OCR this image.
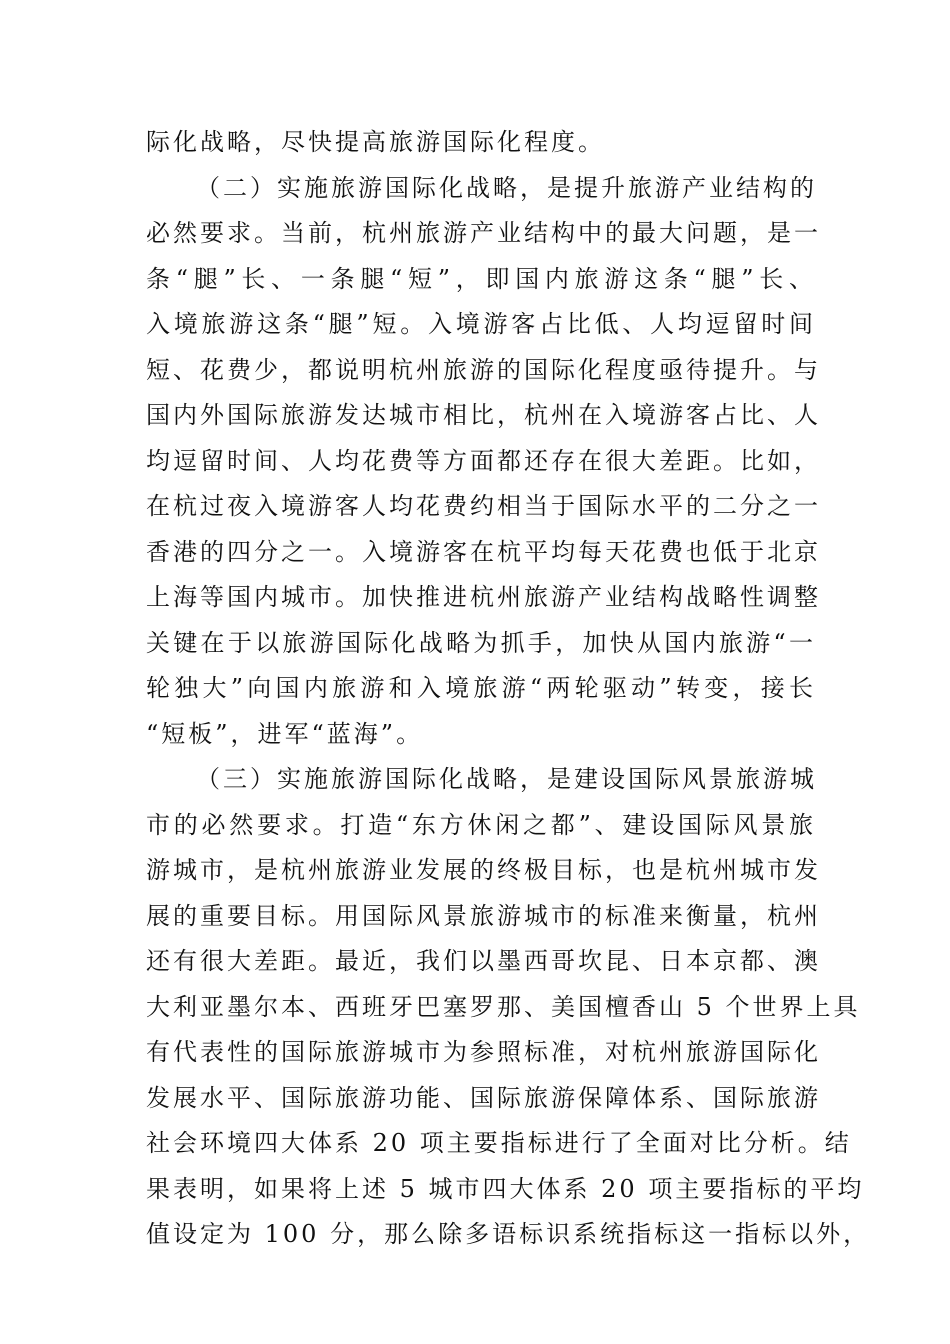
际化战略，尽快提高旅游国际化程度。
（二）实施旅游国际化战略，是提升旅游产业结构的
必然要求。当前，杭州旅游产业结构中的最大问题，是一
条“腿”长、一条腿“短”，即国内旅游这条“腿”长、
入境旅游这条“腿”短。入境游客占比低、人均逗留时间
短、花费少，都说明杭州旅游的国际化程度亟待提升。与
国内外国际旅游发达城市相比，杭州在入境游客占比、人
均逗留时间、人均花费等方面都还存在很大差距。比如，
在杭过夜入境游客人均花费约相当于国际水平的二分之一
香港的四分之一。入境游客在杭平均每天花费也低于北京
上海等国内城市。加快推进杭州旅游产业结构战略性调整
关键在于以旅游国际化战略为抓手，加快从国内旅游“一
轮独大”向国内旅游和入境旅游“两轮驱动”转变，接长
“短板”，进军“蓝海”。
（三）实施旅游国际化战略，是建设国际风景旅游城
市的必然要求。打造“东方休闲之都”、建设国际风景旅
游城市，是杭州旅游业发展的终极目标，也是杭州城市发
展的重要目标。用国际风景旅游城市的标准来衡量，杭州
还有很大差距。最近，我们以墨西哥坎昆、日本京都、澳
大利亚墨尔本、西班牙巴塞罗那、美国檀香山 5 个世界上具
有代表性的国际旅游城市为参照标准，对杭州旅游国际化
发展水平、国际旅游功能、国际旅游保障体系、国际旅游
社会环境四大体系 20 项主要指标进行了全面对比分析。结
果表明，如果将上述 5 城市四大体系 20 项主要指标的平均
值设定为 100 分，那么除多语标识系统指标这一指标以外，
